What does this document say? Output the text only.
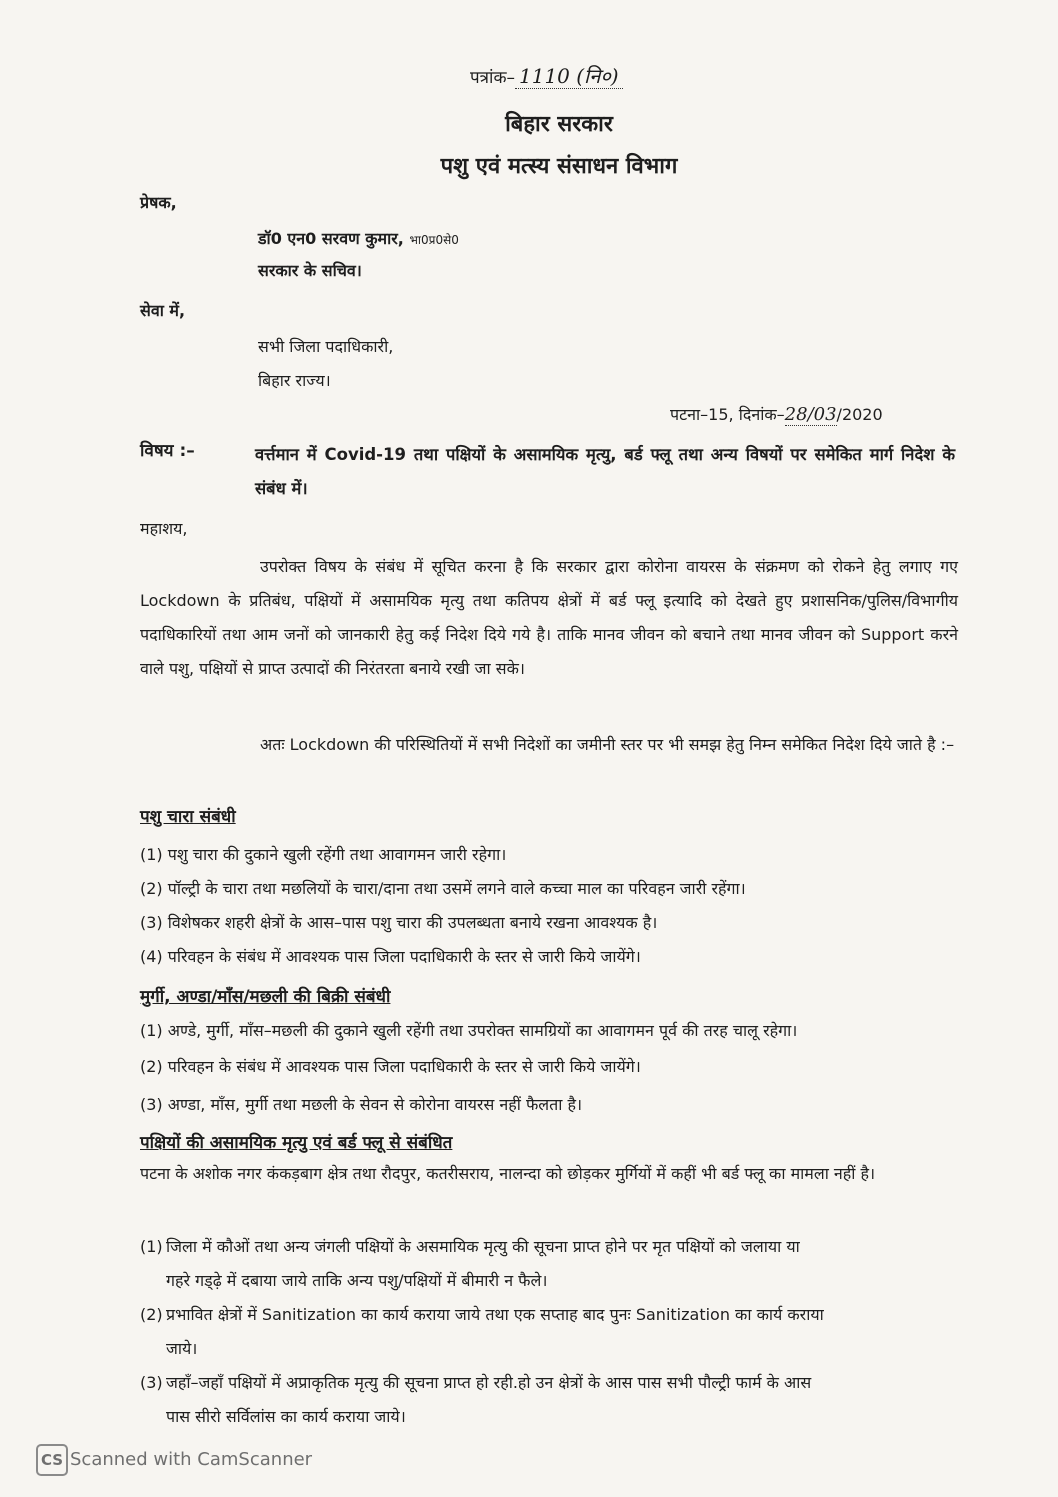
पत्रांक– 1110 (नि०)
बिहार सरकार
पशु एवं मत्स्य संसाधन विभाग
प्रेषक,
डॉ0 एन0 सरवण कुमार, भा0प्र0से0
सरकार के सचिव।
सेवा में,
सभी जिला पदाधिकारी,
बिहार राज्य।
पटना–15, दिनांक–28/03/2020
विषय :–	वर्त्तमान में Covid-19 तथा पक्षियों के असामयिक मृत्यु, बर्ड फ्लू तथा अन्य विषयों पर समेकित मार्ग निदेश के संबंध में।
महाशय,
उपरोक्त विषय के संबंध में सूचित करना है कि सरकार द्वारा कोरोना वायरस के संक्रमण को रोकने हेतु लगाए गए Lockdown के प्रतिबंध, पक्षियों में असामयिक मृत्यु तथा कतिपय क्षेत्रों में बर्ड फ्लू इत्यादि को देखते हुए प्रशासनिक/पुलिस/विभागीय पदाधिकारियों तथा आम जनों को जानकारी हेतु कई निदेश दिये गये है। ताकि मानव जीवन को बचाने तथा मानव जीवन को Support करने वाले पशु, पक्षियों से प्राप्त उत्पादों की निरंतरता बनाये रखी जा सके।
अतः Lockdown की परिस्थितियों में सभी निदेशों का जमीनी स्तर पर भी समझ हेतु निम्न समेकित निदेश दिये जाते है :–
पशु चारा संबंधी
(1) पशु चारा की दुकाने खुली रहेंगी तथा आवागमन जारी रहेगा।
(2) पॉल्ट्री के चारा तथा मछलियों के चारा/दाना तथा उसमें लगने वाले कच्चा माल का परिवहन जारी रहेंगा।
(3) विशेषकर शहरी क्षेत्रों के आस–पास पशु चारा की उपलब्धता बनाये रखना आवश्यक है।
(4) परिवहन के संबंध में आवश्यक पास जिला पदाधिकारी के स्तर से जारी किये जायेंगे।
मुर्गी, अण्डा/माँस/मछली की बिक्री संबंधी
(1) अण्डे, मुर्गी, माँस–मछली की दुकाने खुली रहेंगी तथा उपरोक्त सामग्रियों का आवागमन पूर्व की तरह चालू रहेगा।
(2) परिवहन के संबंध में आवश्यक पास जिला पदाधिकारी के स्तर से जारी किये जायेंगे।
(3) अण्डा, माँस, मुर्गी तथा मछली के सेवन से कोरोना वायरस नहीं फैलता है।
पक्षियों की असामयिक मृत्यु एवं बर्ड फ्लू से संबंधित
पटना के अशोक नगर कंकड़बाग क्षेत्र तथा रौदपुर, कतरीसराय, नालन्दा को छोड़कर मुर्गियों में कहीं भी बर्ड फ्लू का मामला नहीं है।
(1) जिला में कौओं तथा अन्य जंगली पक्षियों के असमायिक मृत्यु की सूचना प्राप्त होने पर मृत पक्षियों को जलाया या
गहरे गड्ढ़े में दबाया जाये ताकि अन्य पशु/पक्षियों में बीमारी न फैले।
(2) प्रभावित क्षेत्रों में Sanitization का कार्य कराया जाये तथा एक सप्ताह बाद पुनः Sanitization का कार्य कराया
जाये।
(3) जहाँ–जहाँ पक्षियों में अप्राकृतिक मृत्यु की सूचना प्राप्त हो रही.हो उन क्षेत्रों के आस पास सभी पौल्ट्री फार्म के आस
पास सीरो सर्विलांस का कार्य कराया जाये।
CS Scanned with CamScanner
